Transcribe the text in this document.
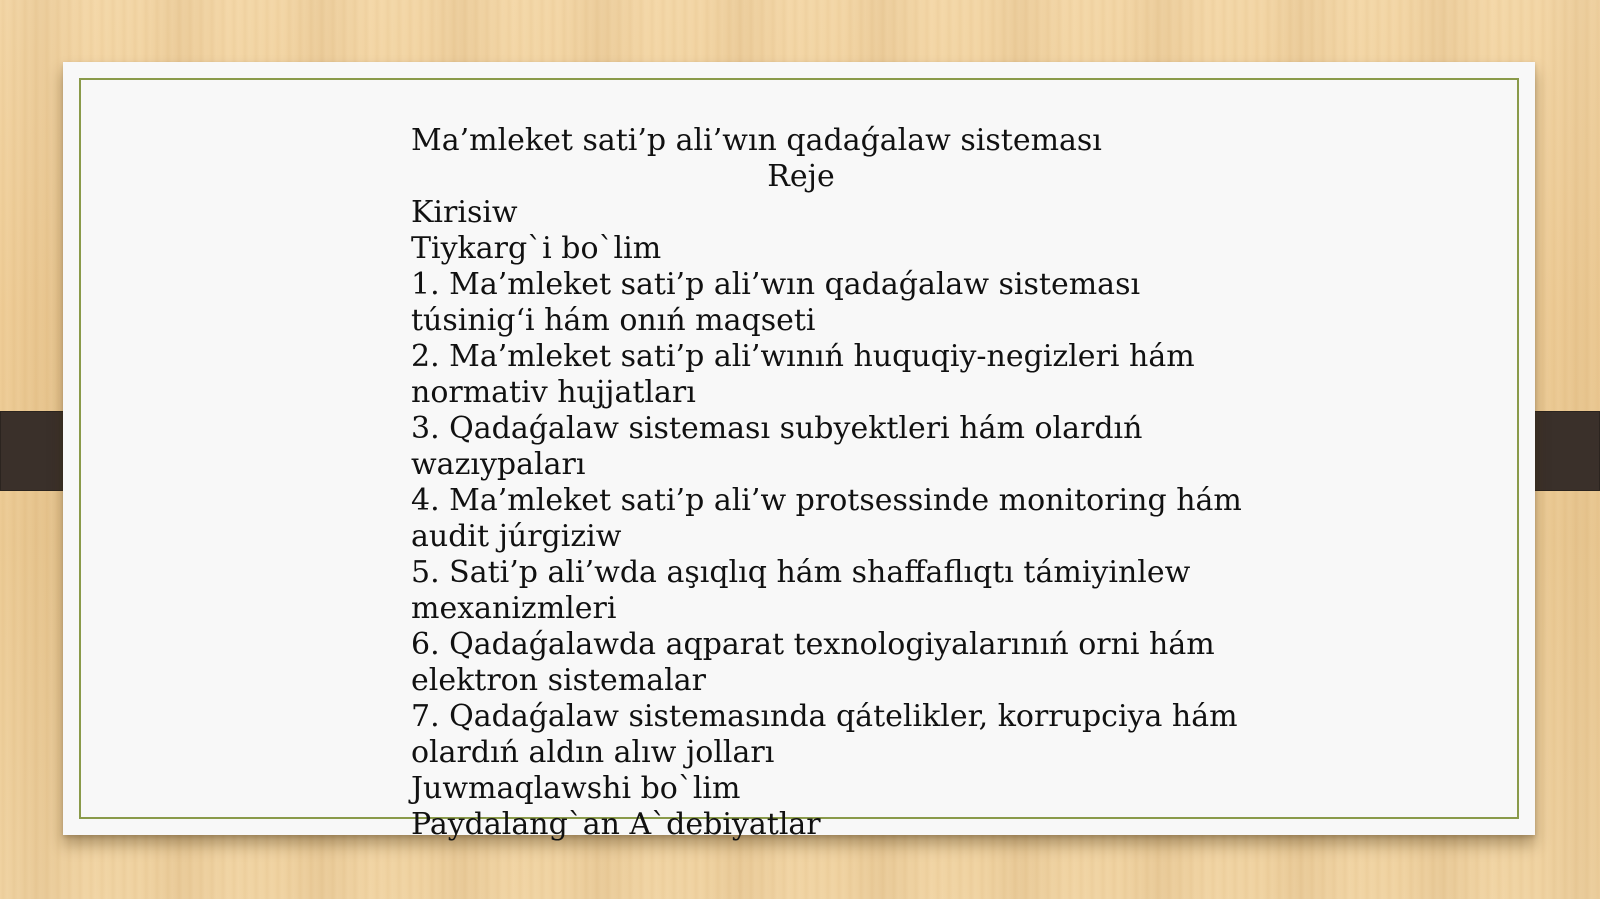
Ma’mleket sati’p ali’wın qadaǵalaw sisteması
Reje
Kirisiw
Tiykarg`i bo`lim
1. Ma’mleket sati’p ali’wın qadaǵalaw sisteması
túsinig‘i hám onıń maqseti
2. Ma’mleket sati’p ali’wınıń huquqiy-negizleri hám
normativ hujjatları
3. Qadaǵalaw sisteması subyektleri hám olardıń
wazıypaları
4. Ma’mleket sati’p ali’w protsessinde monitoring hám
audit júrgiziw
5. Sati’p ali’wda aşıqlıq hám shaffaflıqtı támiyinlew
mexanizmleri
6. Qadaǵalawda aqparat texnologiyalarınıń orni hám
elektron sistemalar
7. Qadaǵalaw sistemasında qátelikler, korrupciya hám
olardıń aldın alıw jolları
Juwmaqlawshi bo`lim
Paydalang`an A`debiyatlar
